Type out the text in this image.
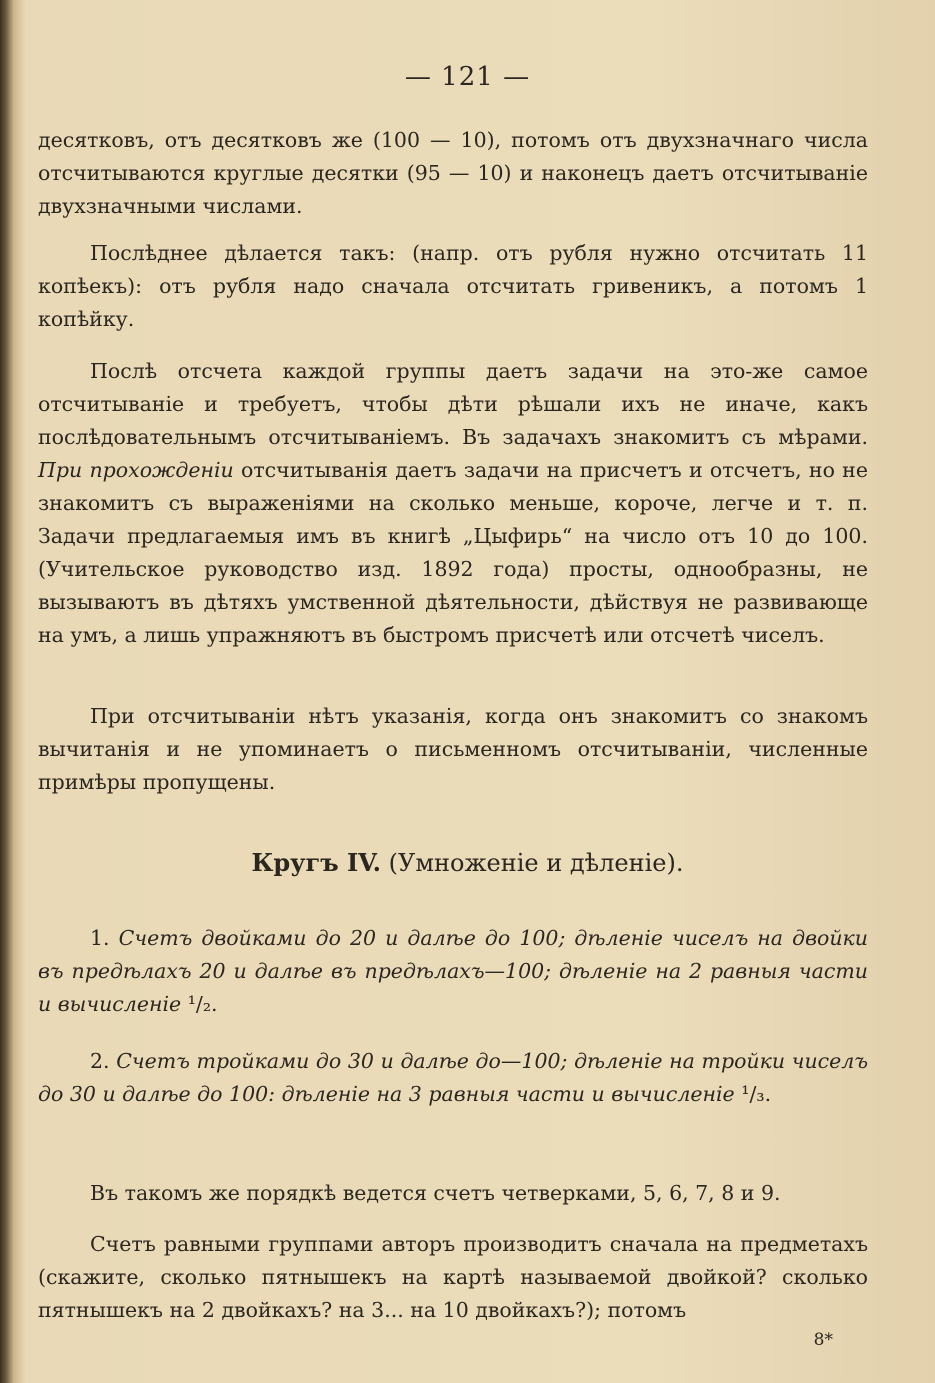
— 121 —

десятковъ, отъ десятковъ же (100 — 10), потомъ отъ двухзначнаго числа отсчитываются круглые десятки (95 — 10) и наконецъ даетъ отсчитываніе двухзначными числами.

Послѣднее дѣлается такъ: (напр. отъ рубля нужно отсчитать 11 копѣекъ): отъ рубля надо сначала отсчитать гривеникъ, а потомъ 1 копѣйку.

Послѣ отсчета каждой группы даетъ задачи на это-же самое отсчитываніе и требуетъ, чтобы дѣти рѣшали ихъ не иначе, какъ послѣдовательнымъ отсчитываніемъ. Въ задачахъ знакомитъ съ мѣрами. При прохожденіи отсчитыванія даетъ задачи на присчетъ и отсчетъ, но не знакомитъ съ выраженіями на сколько меньше, короче, легче и т. п. Задачи предлагаемыя имъ въ книгѣ „Цыфирь“ на число отъ 10 до 100. (Учительское руководство изд. 1892 года) просты, однообразны, не вызываютъ въ дѣтяхъ умственной дѣятельности, дѣйствуя не развивающе на умъ, а лишь упражняютъ въ быстромъ присчетѣ или отсчетѣ чиселъ.

При отсчитываніи нѣтъ указанія, когда онъ знакомитъ со знакомъ вычитанія и не упоминаетъ о письменномъ отсчитываніи, численные примѣры пропущены.

Кругъ IV. (Умноженіе и дѣленіе).

1. Счетъ двойками до 20 и далѣе до 100; дѣленіе чиселъ на двойки въ предѣлахъ 20 и далѣе въ предѣлахъ—100; дѣленіе на 2 равныя части и вычисленіе ¹/₂.

2. Счетъ тройками до 30 и далѣе до—100; дѣленіе на тройки чиселъ до 30 и далѣе до 100: дѣленіе на 3 равныя части и вычисленіе ¹/₃.

Въ такомъ же порядкѣ ведется счетъ четверками, 5, 6, 7, 8 и 9.

Счетъ равными группами авторъ производитъ сначала на предметахъ (скажите, сколько пятнышекъ на картѣ называемой двойкой? сколько пятнышекъ на 2 двойкахъ? на 3... на 10 двойкахъ?); потомъ

8*
